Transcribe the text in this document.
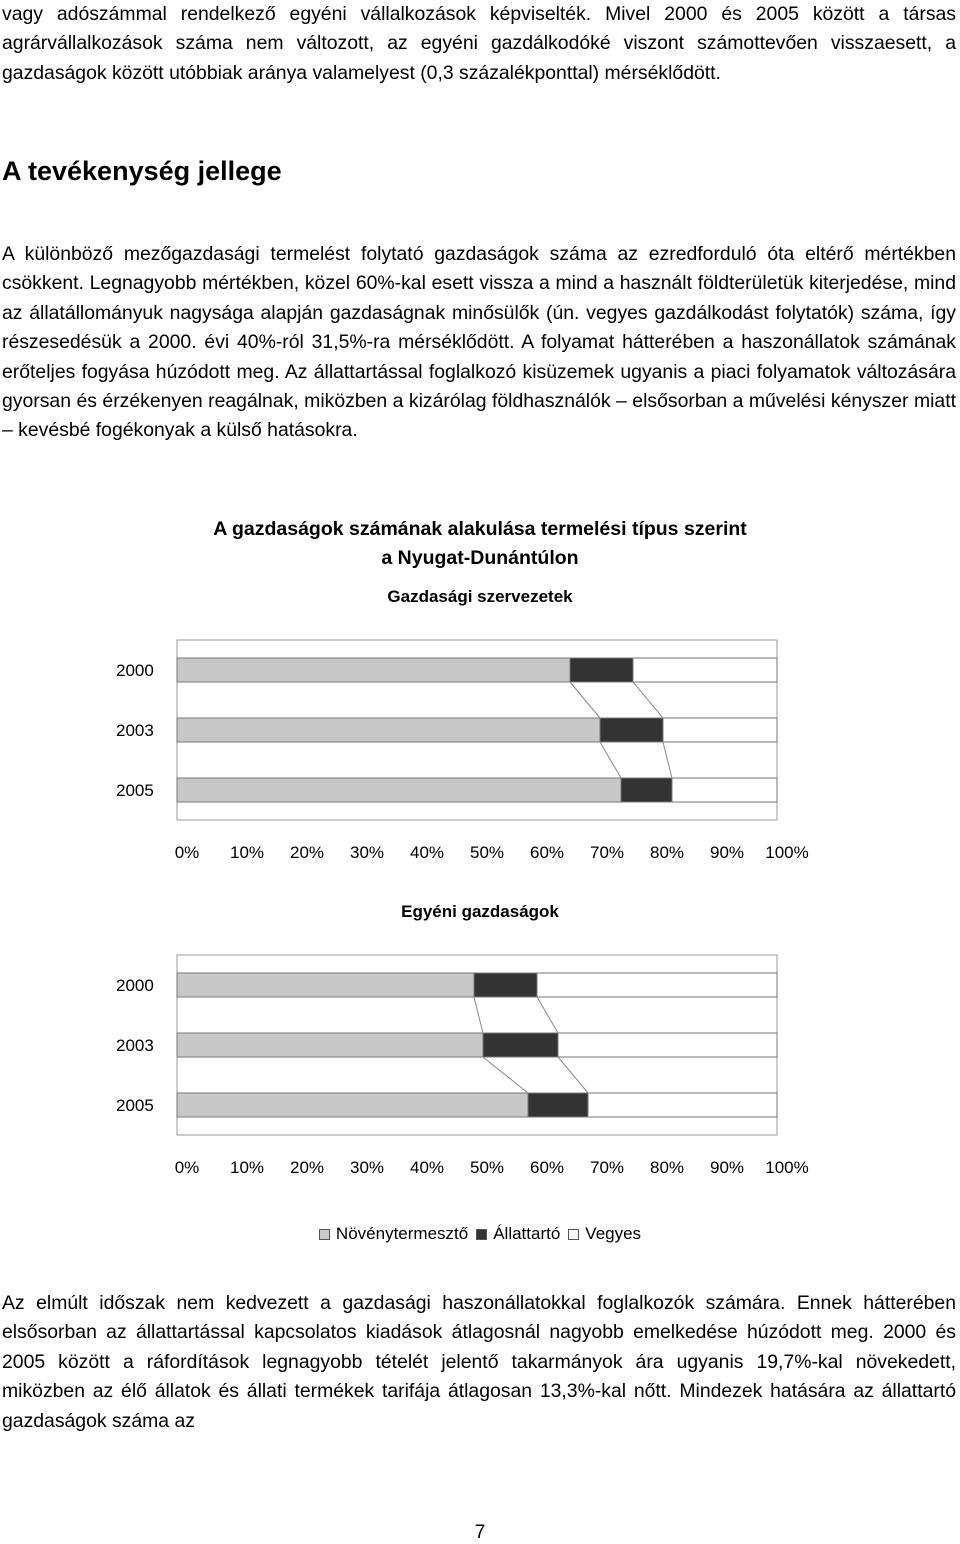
vagy adószámmal rendelkező egyéni vállalkozások képviselték. Mivel 2000 és 2005 között a társas agrárvállalkozások száma nem változott, az egyéni gazdálkodóké viszont számottevően visszaesett, a gazdaságok között utóbbiak aránya valamelyest (0,3 százalékponttal) mérséklődött.

A tevékenység jellege

A különböző mezőgazdasági termelést folytató gazdaságok száma az ezredforduló óta eltérő mértékben csökkent. Legnagyobb mértékben, közel 60%-kal esett vissza a mind a használt földterületük kiterjedése, mind az állatállományuk nagysága alapján gazdaságnak minősülők (ún. vegyes gazdálkodást folytatók) száma, így részesedésük a 2000. évi 40%-ról 31,5%-ra mérséklődött. A folyamat hátterében a haszonállatok számának erőteljes fogyása húzódott meg. Az állattartással foglalkozó kisüzemek ugyanis a piaci folyamatok változására gyorsan és érzékenyen reagálnak, miközben a kizárólag földhasználók – elsősorban a művelési kényszer miatt – kevésbé fogékonyak a külső hatásokra.

A gazdaságok számának alakulása termelési típus szerint
a Nyugat-Dunántúlon
Gazdasági szervezetek
2000
2003
2005
0% 10% 20% 30% 40% 50% 60% 70% 80% 90% 100%
Egyéni gazdaságok
2000
2003
2005
0% 10% 20% 30% 40% 50% 60% 70% 80% 90% 100%
Növénytermesztő Állattartó Vegyes

Az elmúlt időszak nem kedvezett a gazdasági haszonállatokkal foglalkozók számára. Ennek hátterében elsősorban az állattartással kapcsolatos kiadások átlagosnál nagyobb emelkedése húzódott meg. 2000 és 2005 között a ráfordítások legnagyobb tételét jelentő takarmányok ára ugyanis 19,7%-kal növekedett, miközben az élő állatok és állati termékek tarifája átlagosan 13,3%-kal nőtt. Mindezek hatására az állattartó gazdaságok száma az

7
